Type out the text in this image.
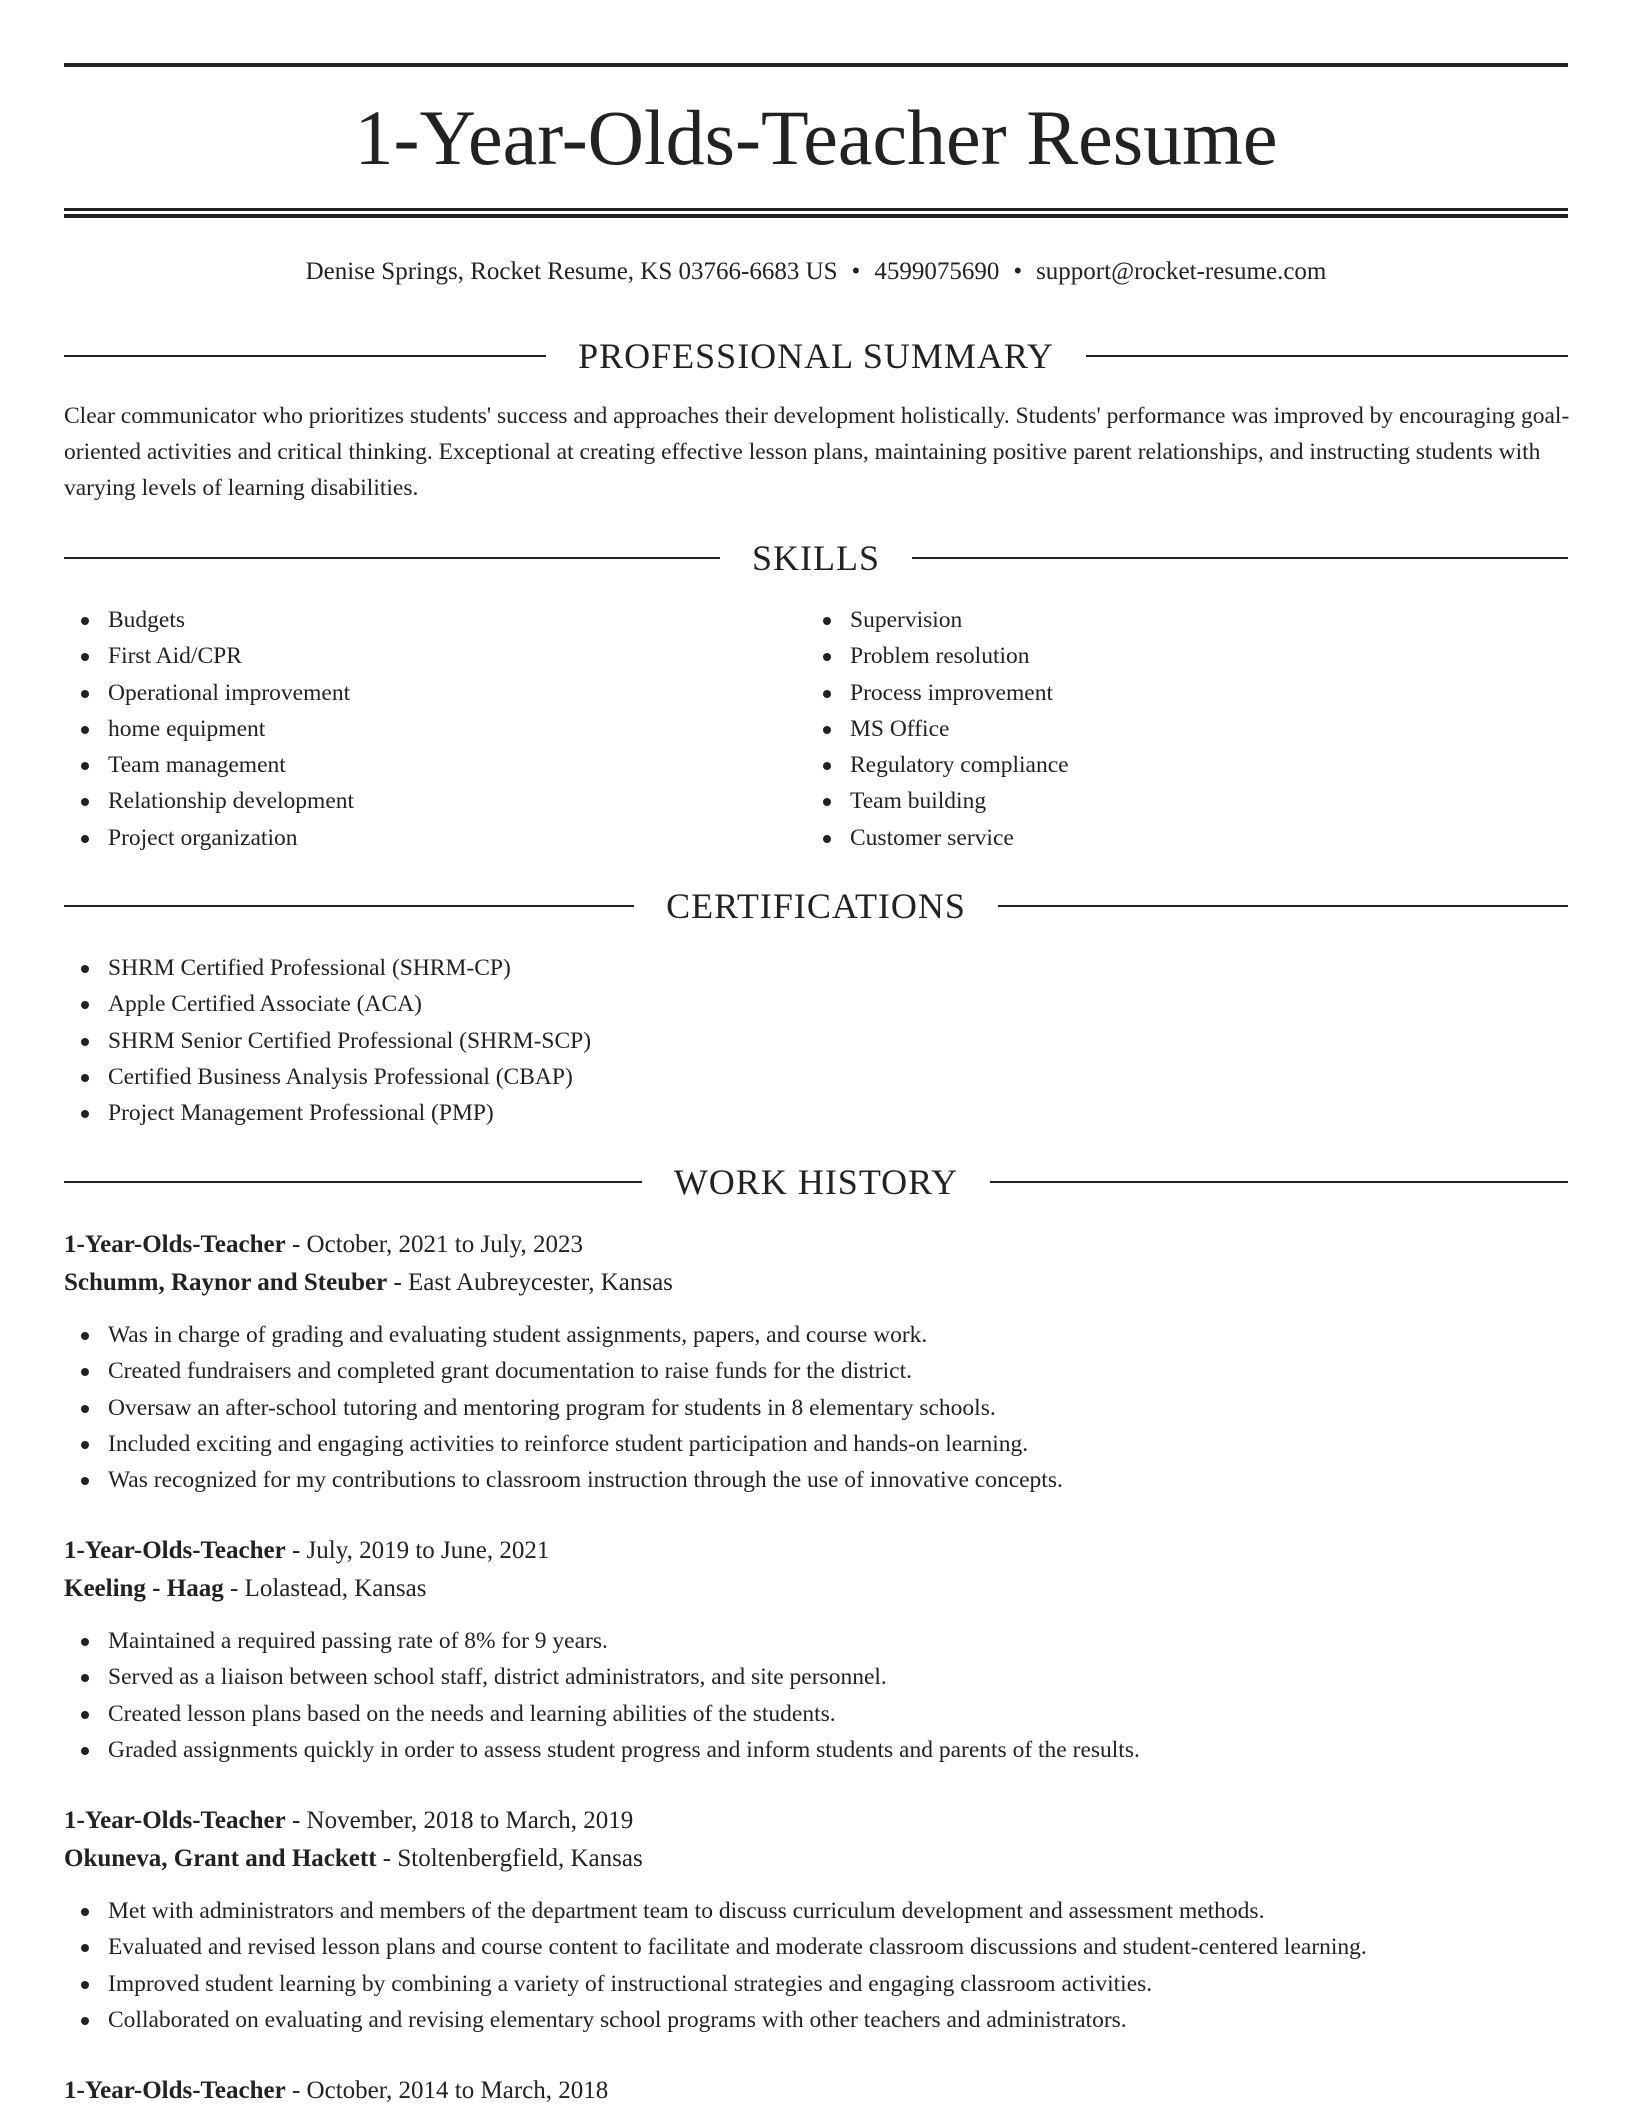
1-Year-Olds-Teacher Resume
Denise Springs, Rocket Resume, KS 03766-6683 US • 4599075690 • support@rocket-resume.com
PROFESSIONAL SUMMARY

Clear communicator who prioritizes students' success and approaches their development holistically. Students' performance was improved by encouraging goal-oriented activities and critical thinking. Exceptional at creating effective lesson plans, maintaining positive parent relationships, and instructing students with varying levels of learning disabilities.

SKILLS
Budgets
First Aid/CPR
Operational improvement
home equipment
Team management
Relationship development
Project organization
Supervision
Problem resolution
Process improvement
MS Office
Regulatory compliance
Team building
Customer service
CERTIFICATIONS
SHRM Certified Professional (SHRM-CP)
Apple Certified Associate (ACA)
SHRM Senior Certified Professional (SHRM-SCP)
Certified Business Analysis Professional (CBAP)
Project Management Professional (PMP)
WORK HISTORY
1-Year-Olds-Teacher - October, 2021 to July, 2023
Schumm, Raynor and Steuber - East Aubreycester, Kansas
Was in charge of grading and evaluating student assignments, papers, and course work.
Created fundraisers and completed grant documentation to raise funds for the district.
Oversaw an after-school tutoring and mentoring program for students in 8 elementary schools.
Included exciting and engaging activities to reinforce student participation and hands-on learning.
Was recognized for my contributions to classroom instruction through the use of innovative concepts.
1-Year-Olds-Teacher - July, 2019 to June, 2021
Keeling - Haag - Lolastead, Kansas
Maintained a required passing rate of 8% for 9 years.
Served as a liaison between school staff, district administrators, and site personnel.
Created lesson plans based on the needs and learning abilities of the students.
Graded assignments quickly in order to assess student progress and inform students and parents of the results.
1-Year-Olds-Teacher - November, 2018 to March, 2019
Okuneva, Grant and Hackett - Stoltenbergfield, Kansas
Met with administrators and members of the department team to discuss curriculum development and assessment methods.
Evaluated and revised lesson plans and course content to facilitate and moderate classroom discussions and student-centered learning.
Improved student learning by combining a variety of instructional strategies and engaging classroom activities.
Collaborated on evaluating and revising elementary school programs with other teachers and administrators.
1-Year-Olds-Teacher - October, 2014 to March, 2018
